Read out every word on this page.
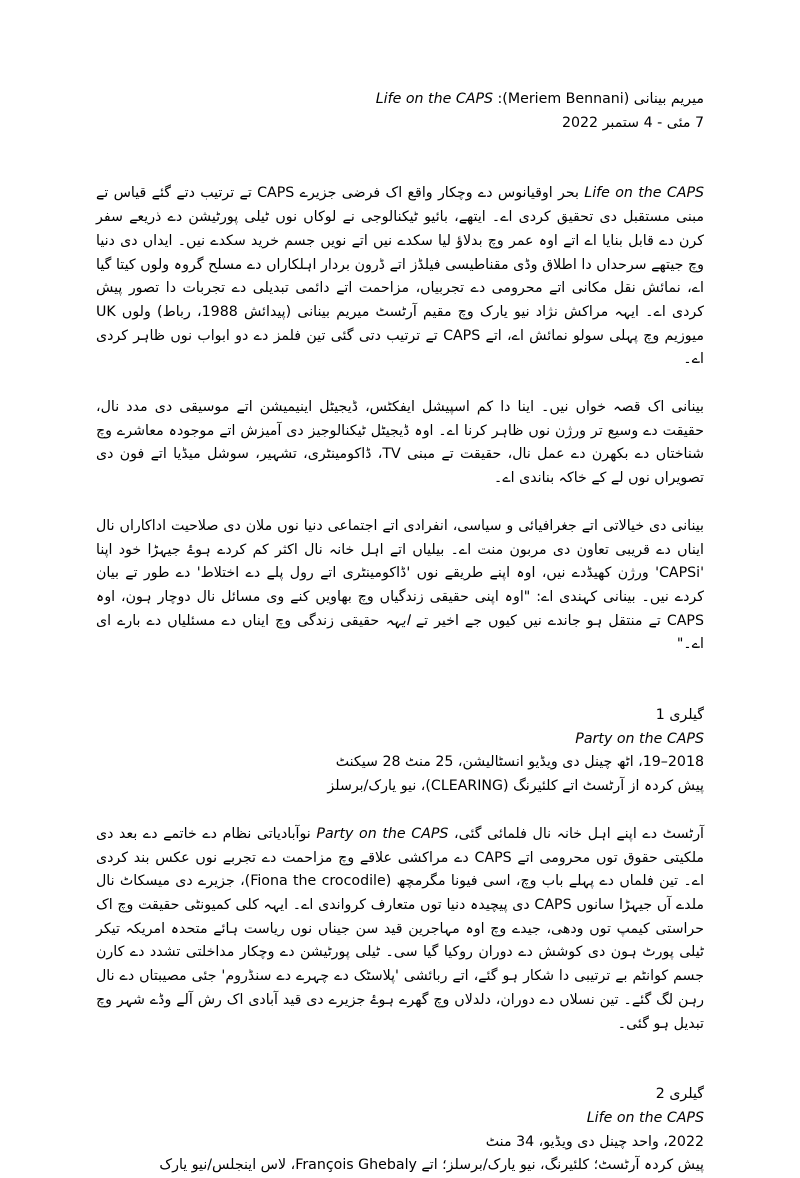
میریم بینانی (Meriem Bennani): Life on the CAPS
7 مئی - 4 ستمبر 2022

Life on the CAPS بحر اوقیانوس دے وچکار واقع اک فرضی جزیرے CAPS تے ترتیب دتے گئے قیاس تے مبنی مستقبل دی تحقیق کردی اے۔ ایتھے، بائیو ٹیکنالوجی نے لوکاں نوں ٹیلی پورٹیشن دے ذریعے سفر کرن دے قابل بنایا اے اتے اوہ عمر وچ بدلاؤ لیا سکدے نیں اتے نویں جسم خرید سکدے نیں۔ ایداں دی دنیا وچ جیتھے سرحداں دا اطلاق وڈی مقناطیسی فیلڈز اتے ڈرون بردار اہلکاراں دے مسلح گروہ ولوں کیتا گیا اے، نمائش نقل مکانی اتے محرومی دے تجربیاں، مزاحمت اتے دائمی تبدیلی دے تجربات دا تصور پیش کردی اے۔ ایہہ مراکش نژاد نیو یارک وچ مقیم آرٹسٹ میریم بینانی (پیدائش 1988، رباط) ولوں UK میوزیم وچ پہلی سولو نمائش اے، اتے CAPS تے ترتیب دتی گئی تین فلمز دے دو ابواب نوں ظاہر کردی اے۔

بینانی اک قصہ خواں نیں۔ اینا دا کم اسپیشل ایفکٹس، ڈیجیٹل اینیمیشن اتے موسیقی دی مدد نال، حقیقت دے وسیع تر ورژن نوں ظاہر کرنا اے۔ اوہ ڈیجیٹل ٹیکنالوجیز دی آمیزش اتے موجودہ معاشرے وچ شناختاں دے بکھرن دے عمل نال، حقیقت تے مبنی TV، ڈاکومینٹری، تشہیر، سوشل میڈیا اتے فون دی تصویراں نوں لے کے خاکہ بناندی اے۔

بینانی دی خیالاتی اتے جغرافیائی و سیاسی، انفرادی اتے اجتماعی دنیا نوں ملان دی صلاحیت اداکاراں نال ایناں دے قریبی تعاون دی مربون منت اے۔ بیلیاں اتے اہل خانہ نال اکثر کم کردے ہوۓ جیہڑا خود اپنا 'CAPSi' ورژن کھیڈدے نیں، اوہ اپنے طریقے نوں 'ڈاکومینٹری اتے رول پلے دے اختلاط' دے طور تے بیان کردے نیں۔ بینانی کہندی اے: "اوہ اپنی حقیقی زندگیاں وچ بھاویں کنے وی مسائل نال دوچار ہون، اوہ CAPS تے منتقل ہو جاندے نیں کیوں جے اخیر تے ایہہ حقیقی زندگی وچ ایناں دے مسئلیاں دے بارے ای اے۔"

گیلری 1
Party on the CAPS
2018–19، اٹھ چینل دی ویڈیو انسٹالیشن، 25 منٹ 28 سیکنٹ
پیش کردہ از آرٹسٹ اتے کلئیرنگ (CLEARING)، نیو یارک/برسلز

آرٹسٹ دے اپنے اہل خانہ نال فلمائی گئی، Party on the CAPS نوآبادیاتی نظام دے خاتمے دے بعد دی ملکیتی حقوق توں محرومی اتے CAPS دے مراکشی علاقے وچ مزاحمت دے تجربے نوں عکس بند کردی اے۔ تین فلماں دے پہلے باب وچ، اسی فیونا مگرمچھ (Fiona the crocodile)، جزیرے دی میسکاٹ نال ملدے آں جیہڑا سانوں CAPS دی پیچیدہ دنیا توں متعارف کرواندی اے۔ ایہہ کلی کمیونٹی حقیقت وچ اک حراستی کیمپ توں ودھی، جیدے وچ اوہ مہاجرین قید سن جیناں نوں ریاست ہائے متحدہ امریکہ تیکر ٹیلی پورٹ ہون دی کوشش دے دوران روکیا گیا سی۔ ٹیلی پورٹیشن دے وچکار مداخلتی تشدد دے کارن جسم کوانٹم بے ترتیبی دا شکار ہو گئے، اتے ربائشی 'پلاسٹک دے چہرے دے سنڈروم' جئی مصیبتاں دے نال رہن لگ گئے۔ تین نسلاں دے دوران، دلدلاں وچ گھرے ہوۓ جزیرے دی قید آبادی اک رش آلے وڈے شہر وچ تبدیل ہو گئی۔

گیلری 2
Life on the CAPS
2022، واحد چینل دی ویڈیو، 34 منٹ
پیش کردہ آرٹسٹ؛ کلئیرنگ، نیو یارک/برسلز؛ اتے François Ghebaly، لاس اینجلس/نیو یارک
